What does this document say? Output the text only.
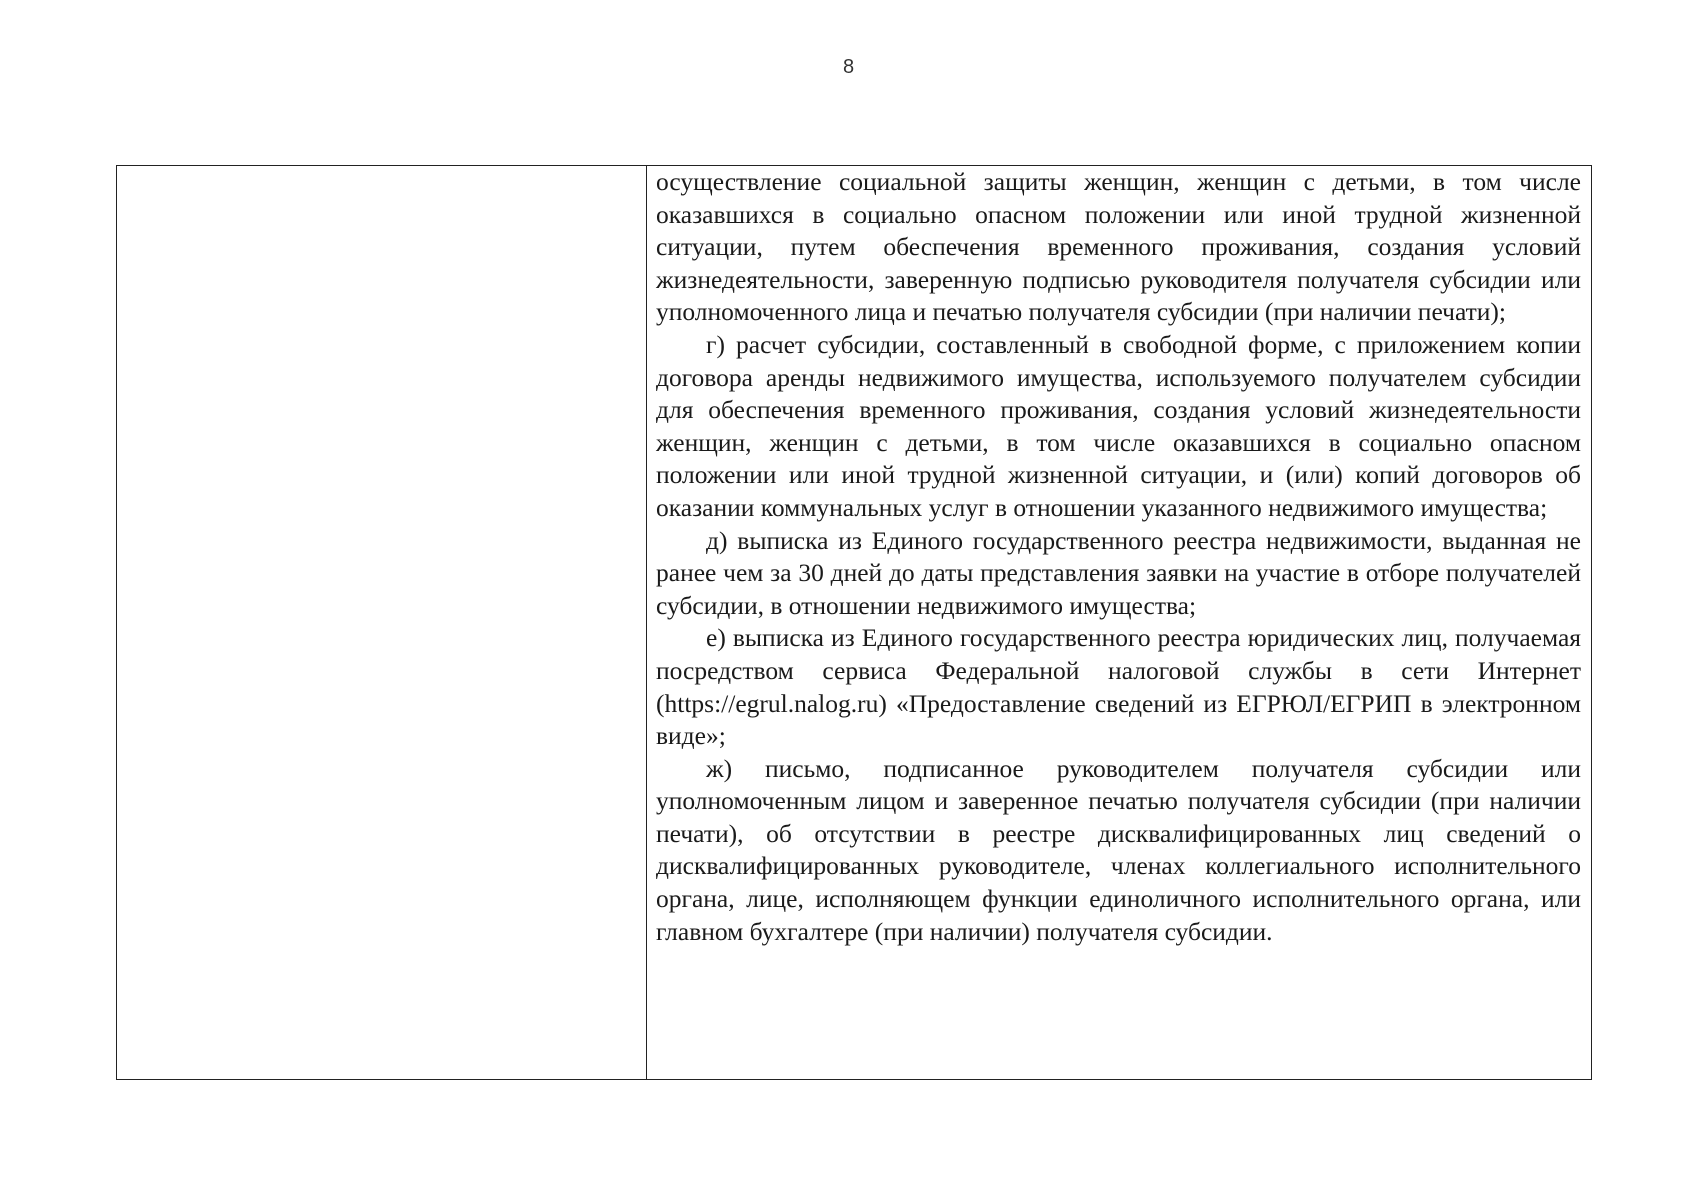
8

осуществление социальной защиты женщин, женщин с детьми, в том числе оказавшихся в социально опасном положении или иной трудной жизненной ситуации, путем обеспечения временного проживания, создания условий жизнедеятельности, заверенную подписью руководителя получателя субсидии или уполномоченного лица и печатью получателя субсидии (при наличии печати);

г) расчет субсидии, составленный в свободной форме, с приложением копии договора аренды недвижимого имущества, используемого получателем субсидии для обеспечения временного проживания, создания условий жизнедеятельности женщин, женщин с детьми, в том числе оказавшихся в социально опасном положении или иной трудной жизненной ситуации, и (или) копий договоров об оказании коммунальных услуг в отношении указанного недвижимого имущества;

д) выписка из Единого государственного реестра недвижимости, выданная не ранее чем за 30 дней до даты представления заявки на участие в отборе получателей субсидии, в отношении недвижимого имущества;

е) выписка из Единого государственного реестра юридических лиц, получаемая посредством сервиса Федеральной налоговой службы в сети Интернет (https://egrul.nalog.ru) «Предоставление сведений из ЕГРЮЛ/ЕГРИП в электронном виде»;

ж) письмо, подписанное руководителем получателя субсидии или уполномоченным лицом и заверенное печатью получателя субсидии (при наличии печати), об отсутствии в реестре дисквалифицированных лиц сведений о дисквалифицированных руководителе, членах коллегиального исполнительного органа, лице, исполняющем функции единоличного исполнительного органа, или главном бухгалтере (при наличии) получателя субсидии.
